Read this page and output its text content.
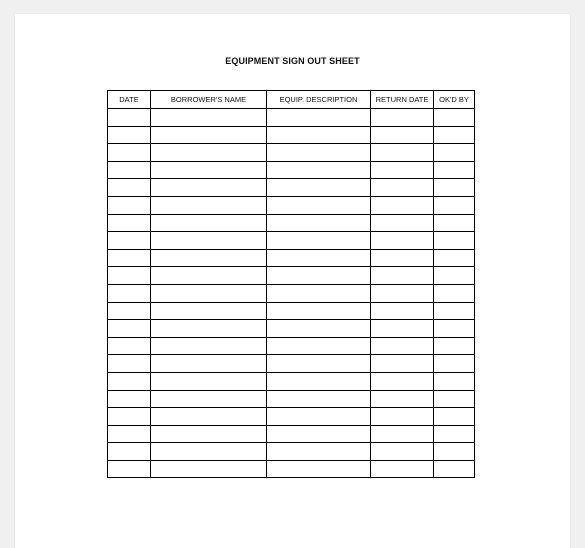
EQUIPMENT SIGN OUT SHEET
DATE	BORROWER'S NAME	EQUIP. DESCRIPTION	RETURN DATE	OK'D BY
